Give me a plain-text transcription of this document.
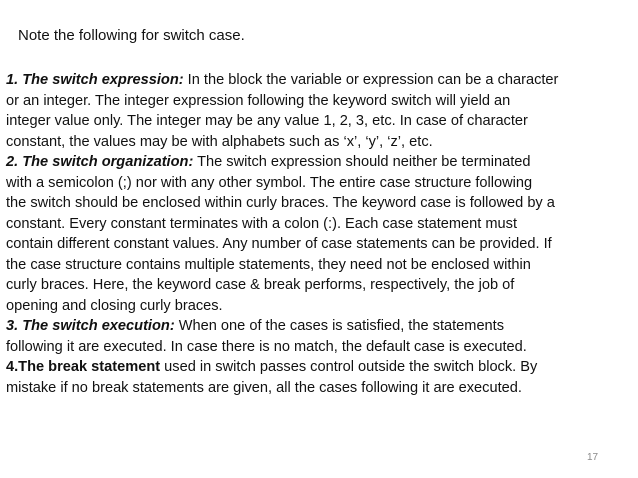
Note the following for switch case.
1. The switch expression: In the block the variable or expression can be a character
or an integer. The integer expression following the keyword switch will yield an
integer value only. The integer may be any value 1, 2, 3, etc. In case of character
constant, the values may be with alphabets such as ‘x’, ‘y’, ‘z’, etc.
2. The switch organization: The switch expression should neither be terminated
with a semicolon (;) nor with any other symbol. The entire case structure following
the switch should be enclosed within curly braces. The keyword case is followed by a
constant. Every constant terminates with a colon (:). Each case statement must
contain different constant values. Any number of case statements can be provided. If
the case structure contains multiple statements, they need not be enclosed within
curly braces. Here, the keyword case & break performs, respectively, the job of
opening and closing curly braces.
3. The switch execution: When one of the cases is satisfied, the statements
following it are executed. In case there is no match, the default case is executed.
4.The break statement used in switch passes control outside the switch block. By
mistake if no break statements are given, all the cases following it are executed.
17
